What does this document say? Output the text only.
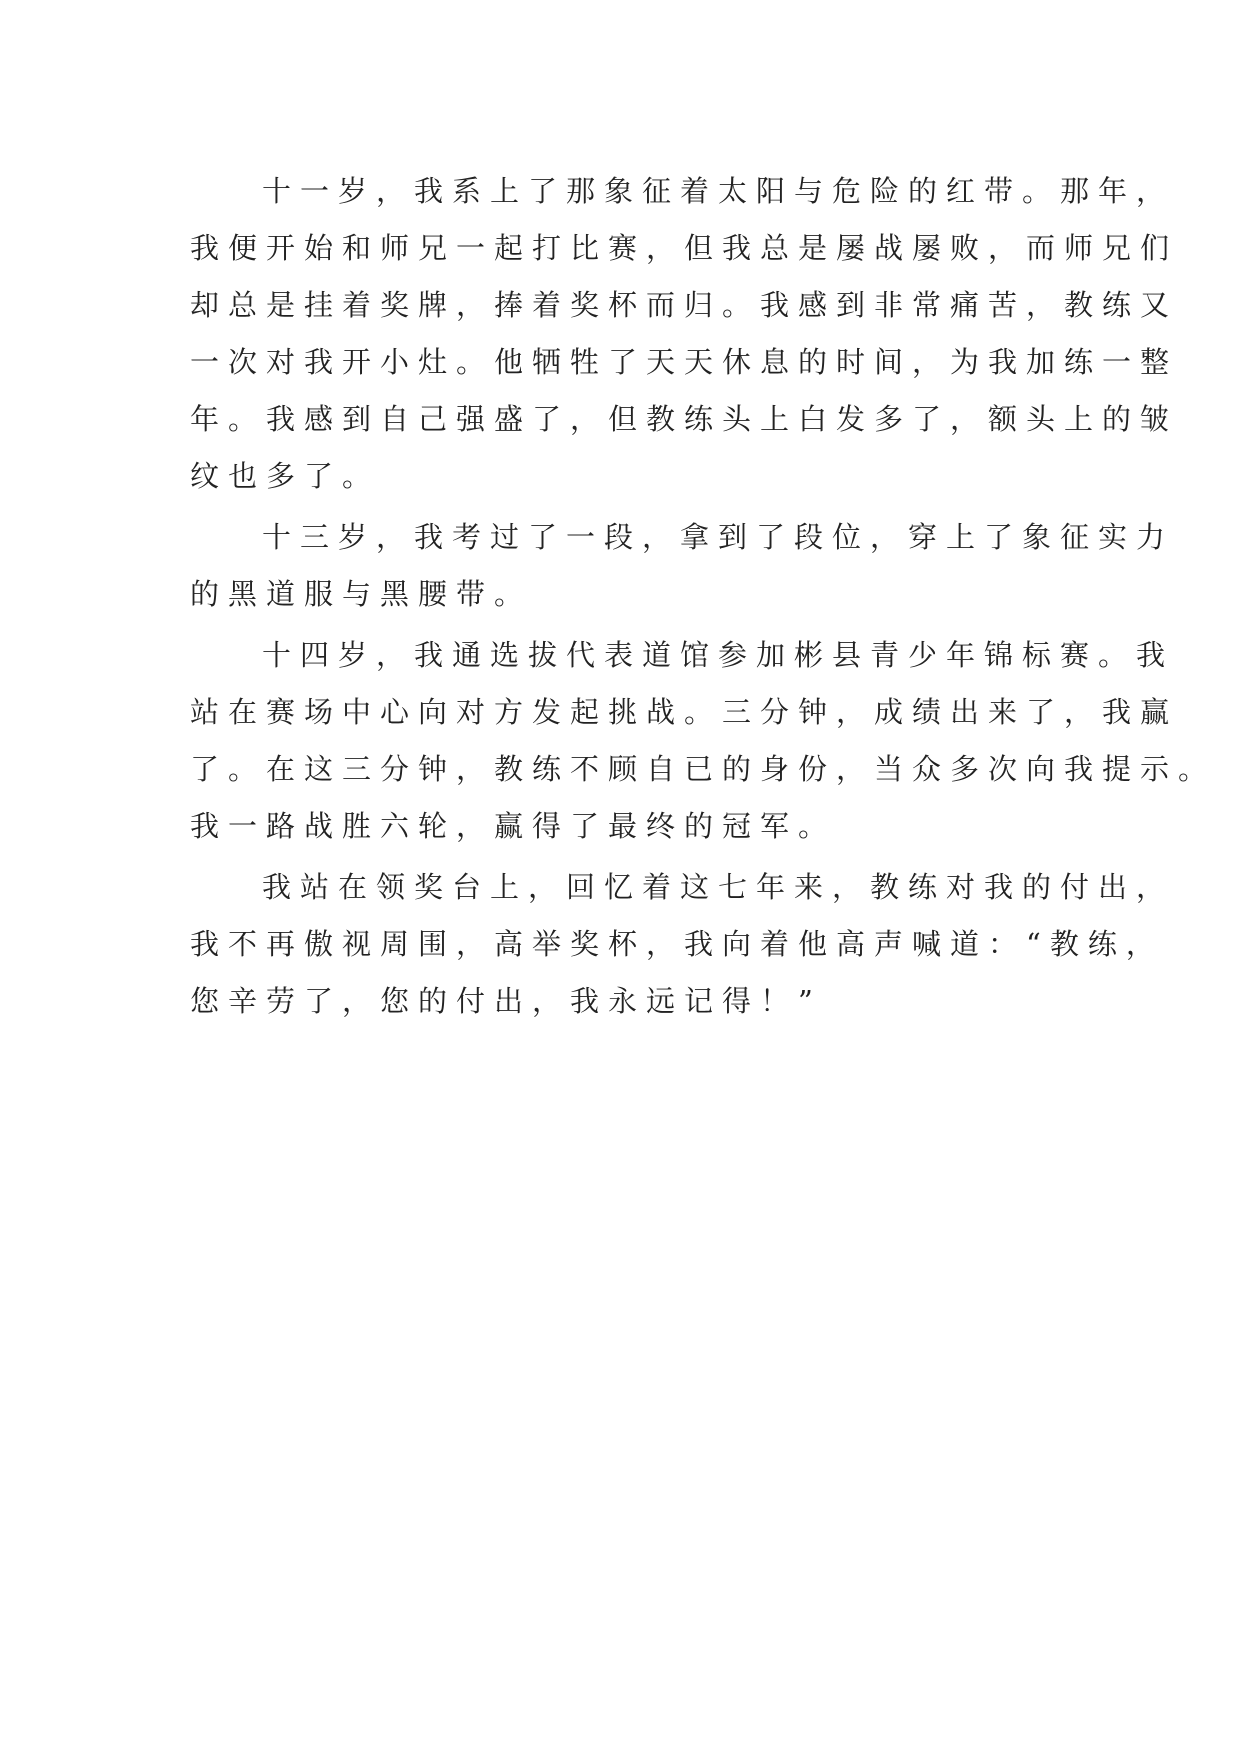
十一岁，我系上了那象征着太阳与危险的红带。那年，
我便开始和师兄一起打比赛，但我总是屡战屡败，而师兄们
却总是挂着奖牌，捧着奖杯而归。我感到非常痛苦，教练又
一次对我开小灶。他牺牲了天天休息的时间，为我加练一整
年。我感到自己强盛了，但教练头上白发多了，额头上的皱
纹也多了。

十三岁，我考过了一段，拿到了段位，穿上了象征实力
的黑道服与黑腰带。

十四岁，我通选拔代表道馆参加彬县青少年锦标赛。我
站在赛场中心向对方发起挑战。三分钟，成绩出来了，我赢
了。在这三分钟，教练不顾自已的身份，当众多次向我提示。
我一路战胜六轮，赢得了最终的冠军。

我站在领奖台上，回忆着这七年来，教练对我的付出，
我不再傲视周围，高举奖杯，我向着他高声喊道：“教练，
您辛劳了，您的付出，我永远记得！”
